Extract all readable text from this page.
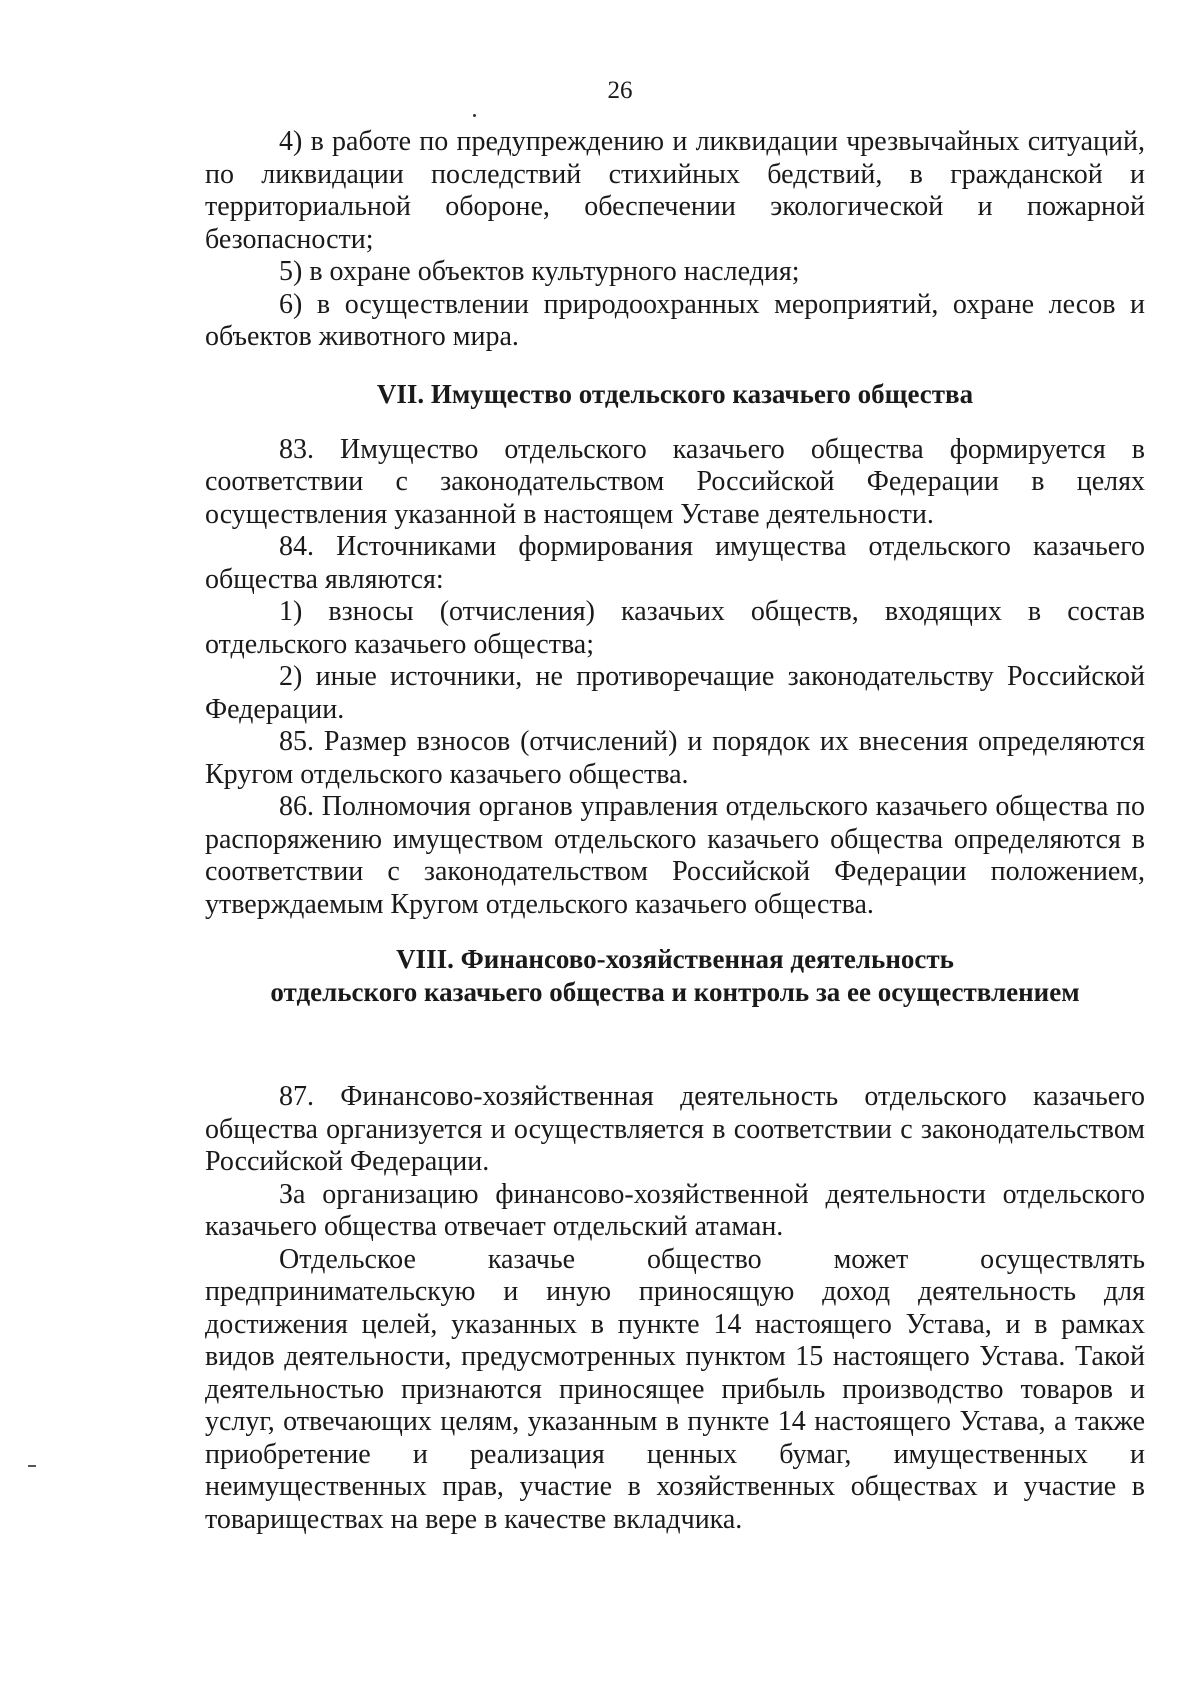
26

4) в работе по предупреждению и ликвидации чрезвычайных ситуаций, по ликвидации последствий стихийных бедствий, в гражданской и территориальной обороне, обеспечении экологической и пожарной безопасности;

5) в охране объектов культурного наследия;

6) в осуществлении природоохранных мероприятий, охране лесов и объектов животного мира.

VII. Имущество отдельского казачьего общества

83. Имущество отдельского казачьего общества формируется в соответствии с законодательством Российской Федерации в целях осуществления указанной в настоящем Уставе деятельности.

84. Источниками формирования имущества отдельского казачьего общества являются:

1) взносы (отчисления) казачьих обществ, входящих в состав отдельского казачьего общества;

2) иные источники, не противоречащие законодательству Российской Федерации.

85. Размер взносов (отчислений) и порядок их внесения определяются Кругом отдельского казачьего общества.

86. Полномочия органов управления отдельского казачьего общества по распоряжению имуществом отдельского казачьего общества определяются в соответствии с законодательством Российской Федерации положением, утверждаемым Кругом отдельского казачьего общества.

VIII. Финансово-хозяйственная деятельность
отдельского казачьего общества и контроль за ее осуществлением

87. Финансово-хозяйственная деятельность отдельского казачьего общества организуется и осуществляется в соответствии с законодательством Российской Федерации.

За организацию финансово-хозяйственной деятельности отдельского казачьего общества отвечает отдельский атаман.

Отдельское казачье общество может осуществлять предпринимательскую и иную приносящую доход деятельность для достижения целей, указанных в пункте 14 настоящего Устава, и в рамках видов деятельности, предусмотренных пунктом 15 настоящего Устава. Такой деятельностью признаются приносящее прибыль производство товаров и услуг, отвечающих целям, указанным в пункте 14 настоящего Устава, а также приобретение и реализация ценных бумаг, имущественных и неимущественных прав, участие в хозяйственных обществах и участие в товариществах на вере в качестве вкладчика.
